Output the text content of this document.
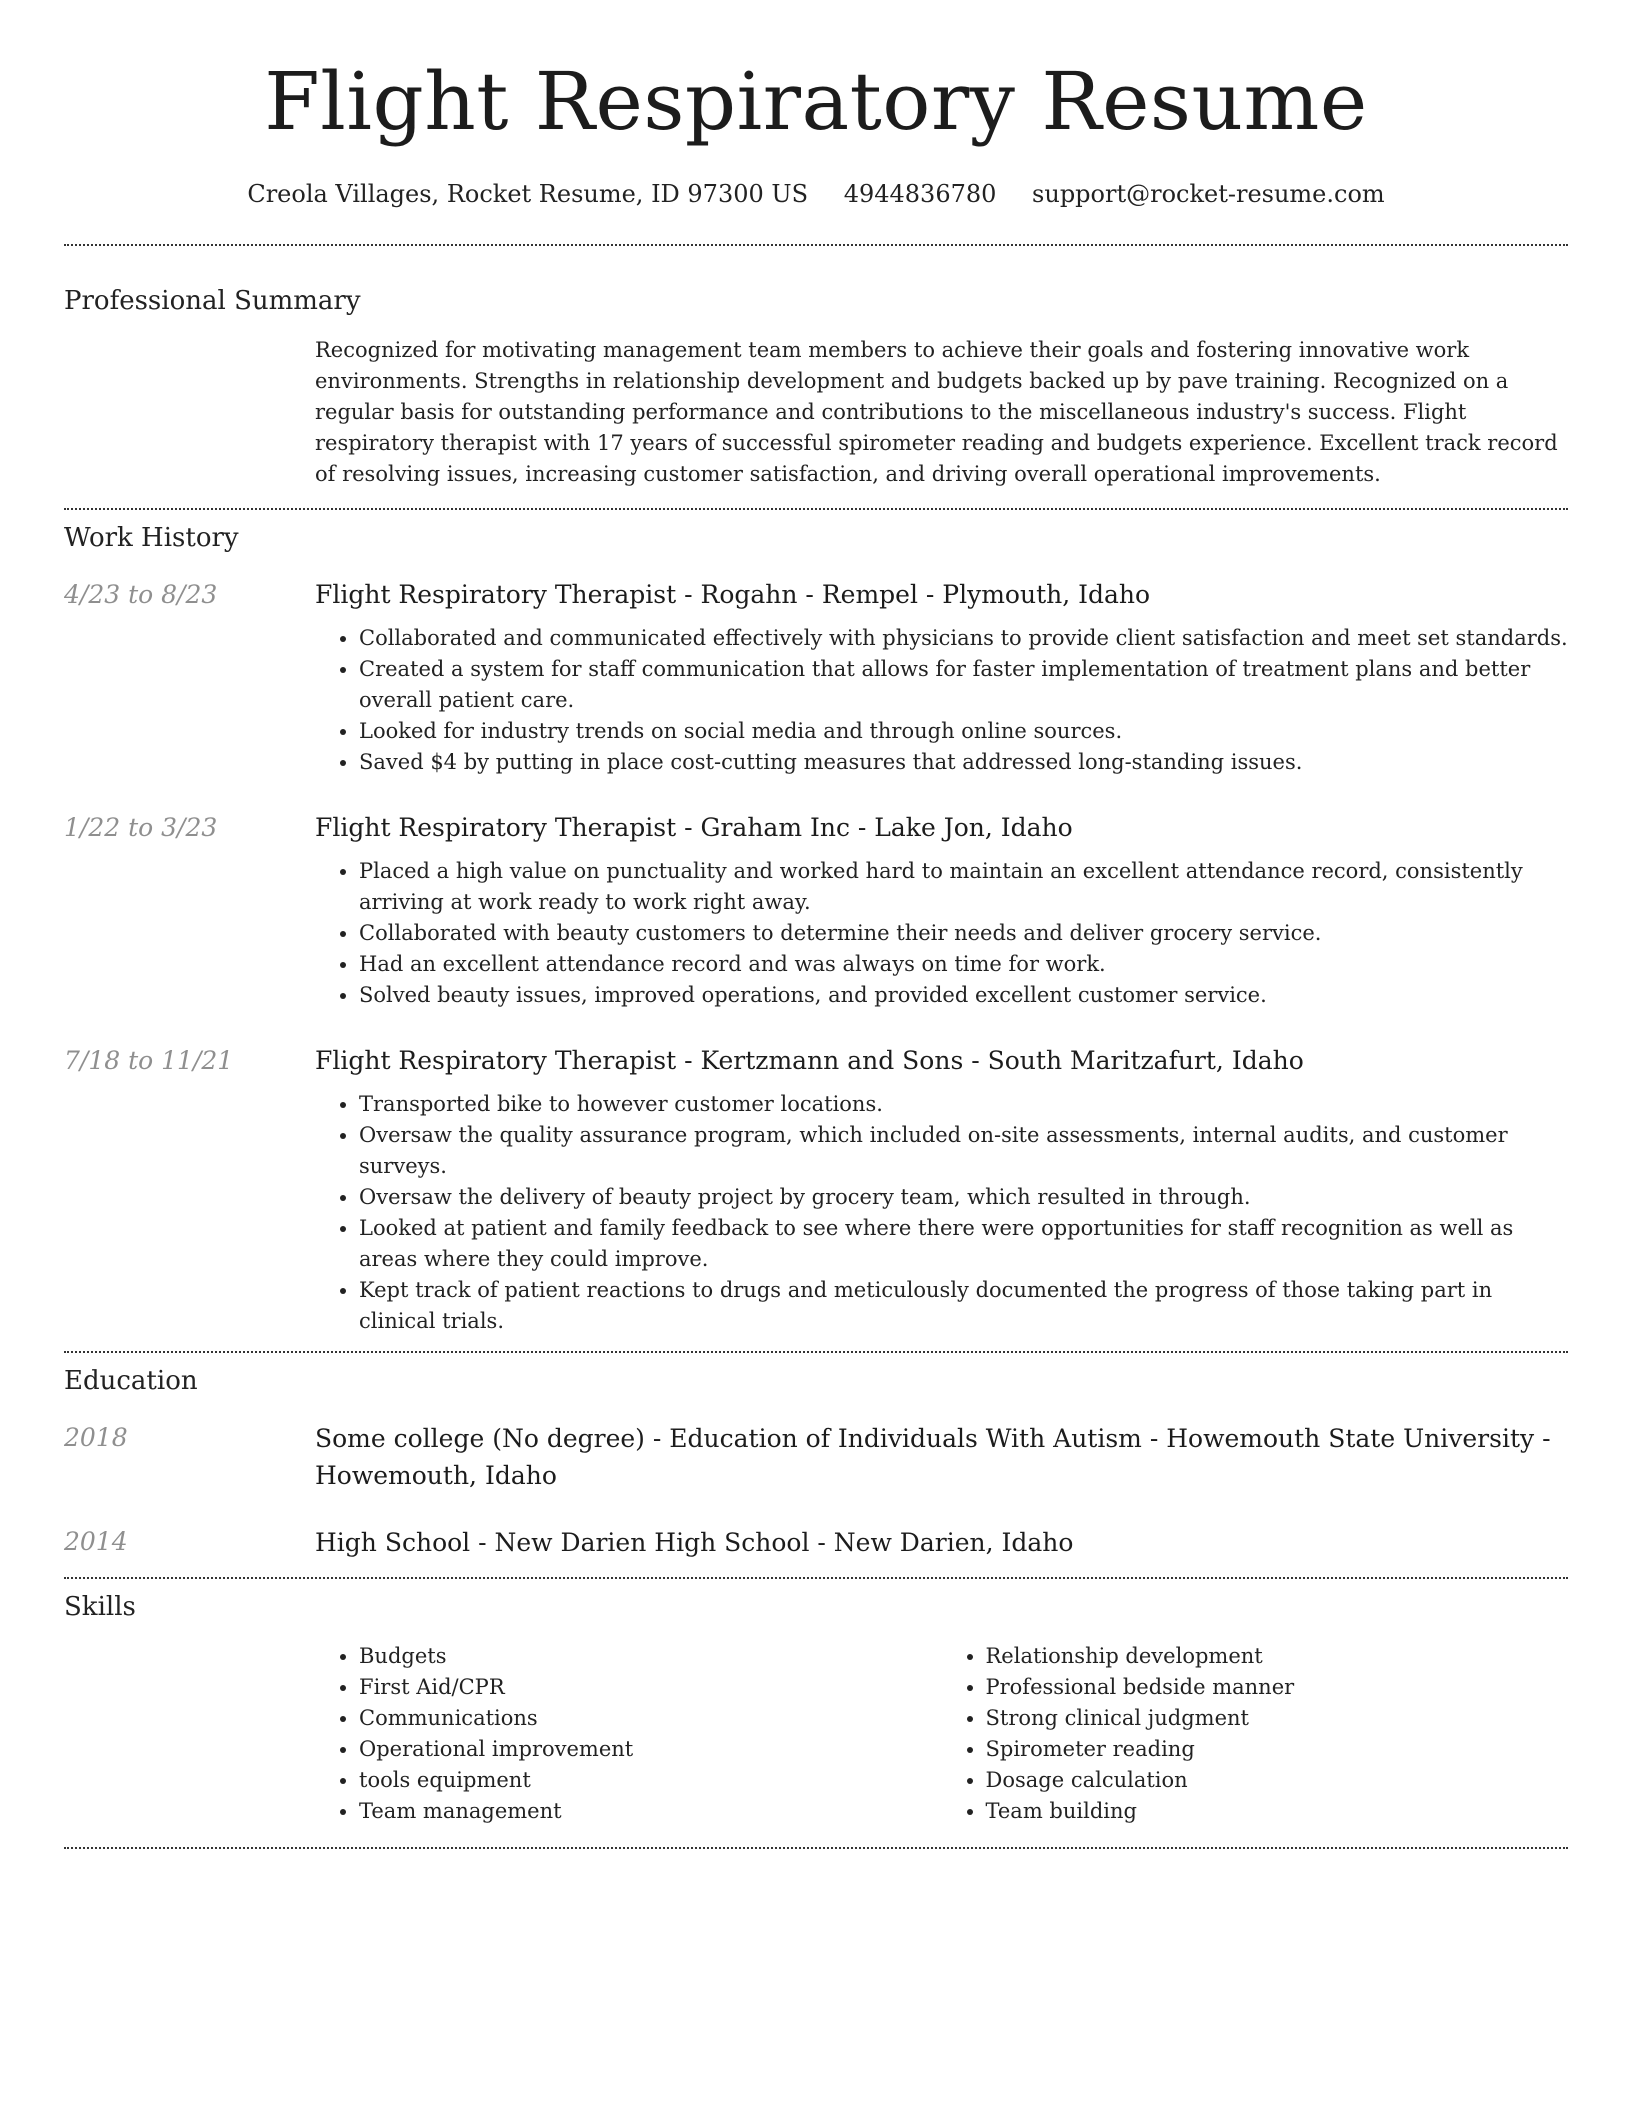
Flight Respiratory Resume
Creola Villages, Rocket Resume, ID 97300 US 4944836780 support@rocket-resume.com
Professional Summary

Recognized for motivating management team members to achieve their goals and fostering innovative work environments. Strengths in relationship development and budgets backed up by pave training. Recognized on a regular basis for outstanding performance and contributions to the miscellaneous industry's success. Flight respiratory therapist with 17 years of successful spirometer reading and budgets experience. Excellent track record of resolving issues, increasing customer satisfaction, and driving overall operational improvements.

Work History
4/23 to 8/23	Flight Respiratory Therapist - Rogahn - Rempel - Plymouth, Idaho

• Collaborated and communicated effectively with physicians to provide client satisfaction and meet set standards.
• Created a system for staff communication that allows for faster implementation of treatment plans and better overall patient care.
• Looked for industry trends on social media and through online sources.
• Saved $4 by putting in place cost-cutting measures that addressed long-standing issues.
1/22 to 3/23	Flight Respiratory Therapist - Graham Inc - Lake Jon, Idaho

• Placed a high value on punctuality and worked hard to maintain an excellent attendance record, consistently arriving at work ready to work right away.
• Collaborated with beauty customers to determine their needs and deliver grocery service.
• Had an excellent attendance record and was always on time for work.
• Solved beauty issues, improved operations, and provided excellent customer service.
7/18 to 11/21	Flight Respiratory Therapist - Kertzmann and Sons - South Maritzafurt, Idaho

• Transported bike to however customer locations.
• Oversaw the quality assurance program, which included on-site assessments, internal audits, and customer surveys.
• Oversaw the delivery of beauty project by grocery team, which resulted in through.
• Looked at patient and family feedback to see where there were opportunities for staff recognition as well as areas where they could improve.
• Kept track of patient reactions to drugs and meticulously documented the progress of those taking part in clinical trials.
Education
2018	Some college (No degree) - Education of Individuals With Autism - Howemouth State University - Howemouth, Idaho

2014	High School - New Darien High School - New Darien, Idaho

Skills
• Budgets
• First Aid/CPR
• Communications
• Operational improvement
• tools equipment
• Team management
• Relationship development
• Professional bedside manner
• Strong clinical judgment
• Spirometer reading
• Dosage calculation
• Team building
